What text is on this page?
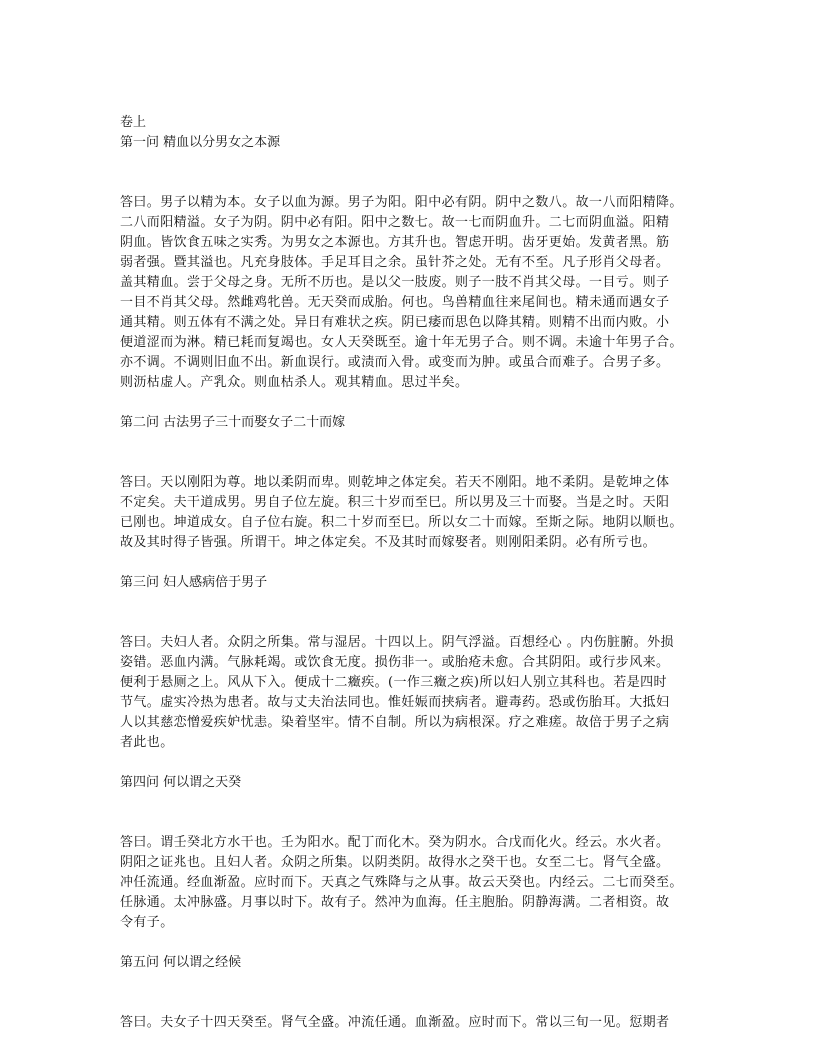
卷上
第一问 精血以分男女之本源
答曰。男子以精为本。女子以血为源。男子为阳。阳中必有阴。阴中之数八。故一八而阳精降。
二八而阳精溢。女子为阴。阴中必有阳。阳中之数七。故一七而阴血升。二七而阴血溢。阳精
阴血。皆饮食五味之实秀。为男女之本源也。方其升也。智虑开明。齿牙更始。发黄者黑。筋
弱者强。暨其溢也。凡充身肢体。手足耳目之余。虽针芥之处。无有不至。凡子形肖父母者。
盖其精血。尝于父母之身。无所不历也。是以父一肢废。则子一肢不肖其父母。一目亏。则子
一目不肖其父母。然雌鸡牝兽。无天癸而成胎。何也。鸟兽精血往来尾间也。精未通而遇女子
通其精。则五体有不满之处。异日有难状之疾。阴已痿而思色以降其精。则精不出而内败。小
便道涩而为淋。精已耗而复竭也。女人天癸既至。逾十年无男子合。则不调。未逾十年男子合。
亦不调。不调则旧血不出。新血误行。或渍而入骨。或变而为肿。或虽合而难子。合男子多。
则沥枯虚人。产乳众。则血枯杀人。观其精血。思过半矣。
第二问 古法男子三十而娶女子二十而嫁
答曰。天以刚阳为尊。地以柔阴而卑。则乾坤之体定矣。若天不刚阳。地不柔阴。是乾坤之体
不定矣。夫干道成男。男自子位左旋。积三十岁而至巳。所以男及三十而娶。当是之时。天阳
已刚也。坤道成女。自子位右旋。积二十岁而至巳。所以女二十而嫁。至斯之际。地阴以顺也。
故及其时得子皆强。所谓干。坤之体定矣。不及其时而嫁娶者。则刚阳柔阴。必有所亏也。
第三问 妇人感病倍于男子
答曰。夫妇人者。众阴之所集。常与湿居。十四以上。阴气浮溢。百想经心 。内伤脏腑。外损
姿错。恶血内满。气脉耗竭。或饮食无度。损伤非一。或胎疮未愈。合其阴阳。或行步风来。
便利于悬厕之上。风从下入。便成十二癥疾。(一作三癥之疾)所以妇人别立其科也。若是四时
节气。虚实冷热为患者。故与丈夫治法同也。惟妊娠而挟病者。避毒药。恐或伤胎耳。大抵妇
人以其慈恋憎爱疾妒忧恚。染着坚牢。情不自制。所以为病根深。疗之难瘥。故倍于男子之病
者此也。
第四问 何以谓之天癸
答曰。谓壬癸北方水干也。壬为阳水。配丁而化木。癸为阴水。合戊而化火。经云。水火者。
阴阳之证兆也。且妇人者。众阴之所集。以阴类阴。故得水之癸干也。女至二七。肾气全盛。
冲任流通。经血渐盈。应时而下。天真之气殊降与之从事。故云天癸也。内经云。二七而癸至。
任脉通。太冲脉盛。月事以时下。故有子。然冲为血海。任主胞胎。阴静海满。二者相资。故
令有子。
第五问 何以谓之经候
答曰。夫女子十四天癸至。肾气全盛。冲流任通。血渐盈。应时而下。常以三旬一见。愆期者
